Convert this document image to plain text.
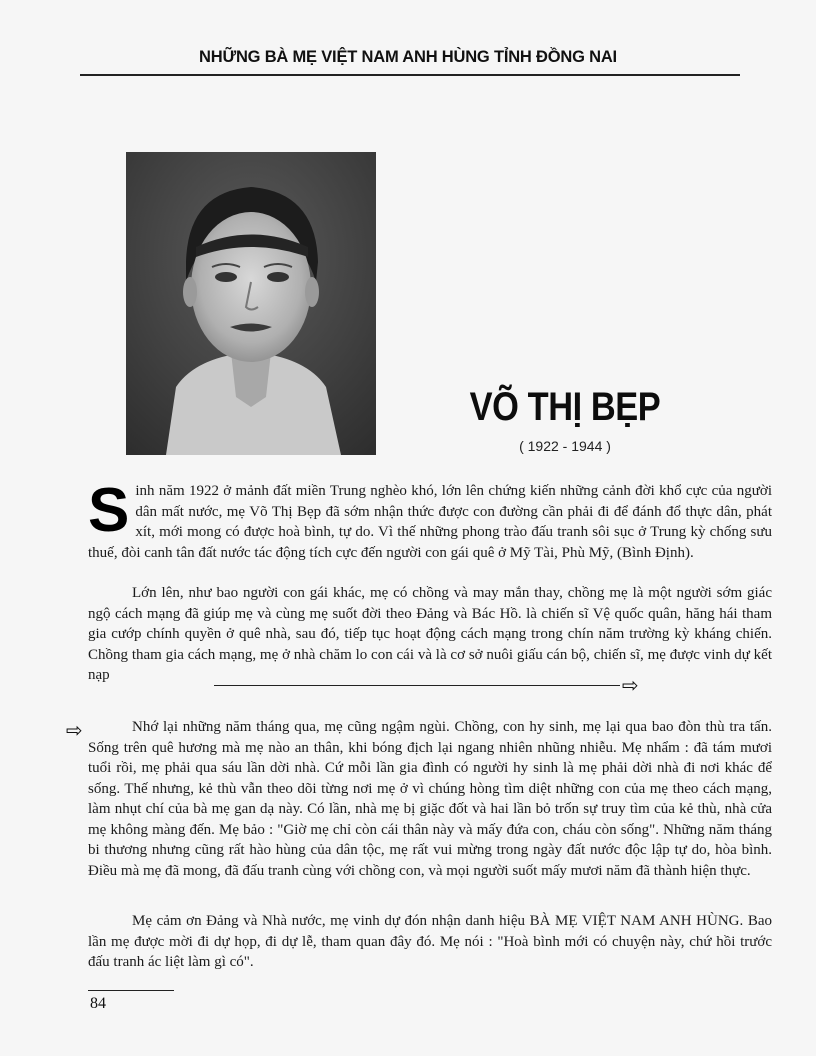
NHỮNG BÀ MẸ VIỆT NAM ANH HÙNG TỈNH ĐỒNG NAI
VÕ THỊ BẸP
( 1922 - 1944 )

Sinh năm 1922 ở mảnh đất miền Trung nghèo khó, lớn lên chứng kiến những cảnh đời khổ cực của người dân mất nước, mẹ Võ Thị Bẹp đã sớm nhận thức được con đường cần phải đi để đánh đổ thực dân, phát xít, mới mong có được hoà bình, tự do. Vì thế những phong trào đấu tranh sôi sục ở Trung kỳ chống sưu thuế, đòi canh tân đất nước tác động tích cực đến người con gái quê ở Mỹ Tài, Phù Mỹ, (Bình Định).

Lớn lên, như bao người con gái khác, mẹ có chồng và may mắn thay, chồng mẹ là một người sớm giác ngộ cách mạng đã giúp mẹ và cùng mẹ suốt đời theo Đảng và Bác Hồ. là chiến sĩ Vệ quốc quân, hăng hái tham gia cướp chính quyền ở quê nhà, sau đó, tiếp tục hoạt động cách mạng trong chín năm trường kỳ kháng chiến. Chồng tham gia cách mạng, mẹ ở nhà chăm lo con cái và là cơ sở nuôi giấu cán bộ, chiến sĩ, mẹ được vinh dự kết nạp	⇨
⇨	Nhớ lại những năm tháng qua, mẹ cũng ngậm ngùi. Chồng, con hy sinh, mẹ lại qua bao đòn thù tra tấn. Sống trên quê hương mà mẹ nào an thân, khi bóng địch lại ngang nhiên nhũng nhiễu. Mẹ nhẩm : đã tám mươi tuổi rồi, mẹ phải qua sáu lần dời nhà. Cứ mỗi lần gia đình có người hy sinh là mẹ phải dời nhà đi nơi khác để sống. Thế nhưng, kẻ thù vẫn theo dõi từng nơi mẹ ở vì chúng hòng tìm diệt những con của mẹ theo cách mạng, làm nhụt chí của bà mẹ gan dạ này. Có lần, nhà mẹ bị giặc đốt và hai lần bỏ trốn sự truy tìm của kẻ thù, nhà cửa mẹ không màng đến. Mẹ bảo : "Giờ mẹ chỉ còn cái thân này và mấy đứa con, cháu còn sống". Những năm tháng bi thương nhưng cũng rất hào hùng của dân tộc, mẹ rất vui mừng trong ngày đất nước độc lập tự do, hòa bình. Điều mà mẹ đã mong, đã đấu tranh cùng với chồng con, và mọi người suốt mấy mươi năm đã thành hiện thực.

Mẹ cảm ơn Đảng và Nhà nước, mẹ vinh dự đón nhận danh hiệu BÀ MẸ VIỆT NAM ANH HÙNG. Bao lần mẹ được mời đi dự họp, đi dự lễ, tham quan đây đó. Mẹ nói : "Hoà bình mới có chuyện này, chứ hồi trước đấu tranh ác liệt làm gì có".

84
